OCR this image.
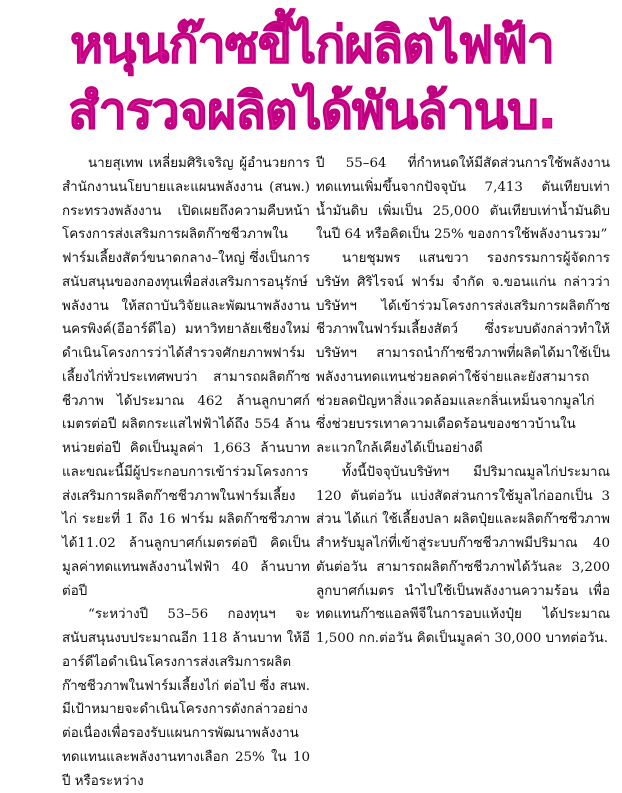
หนุนก๊าซขี้ไก่ผลิตไฟฟ้า
สำรวจผลิตได้พันล้านบ.

นายสุเทพ เหลี่ยมศิริเจริญ ผู้อำนวยการสำนักงานนโยบายและแผนพลังงาน (สนพ.) กระทรวงพลังงาน เปิดเผยถึงความคืบหน้าโครงการส่งเสริมการผลิตก๊าซชีวภาพในฟาร์มเลี้ยงสัตว์ขนาดกลาง–ใหญ่ ซึ่งเป็นการสนับสนุนของกองทุนเพื่อส่งเสริมการอนุรักษ์พลังงาน ให้สถาบันวิจัยและพัฒนาพลังงานนครพิงค์(อีอาร์ดีไอ) มหาวิทยาลัยเชียงใหม่ดำเนินโครงการว่าได้สำรวจศักยภาพฟาร์มเลี้ยงไก่ทั่วประเทศพบว่า สามารถผลิตก๊าซชีวภาพ ได้ประมาณ 462 ล้านลูกบาศก์เมตรต่อปี ผลิตกระแสไฟฟ้าได้ถึง 554 ล้านหน่วยต่อปี คิดเป็นมูลค่า 1,663 ล้านบาท และขณะนี้มีผู้ประกอบการเข้าร่วมโครงการส่งเสริมการผลิตก๊าซชีวภาพในฟาร์มเลี้ยงไก่ ระยะที่ 1 ถึง 16 ฟาร์ม ผลิตก๊าซชีวภาพได้11.02 ล้านลูกบาศก์เมตรต่อปี คิดเป็นมูลค่าทดแทนพลังงานไฟฟ้า 40 ล้านบาทต่อปี

“ระหว่างปี 53–56 กองทุนฯ จะสนับสนุนงบประมาณอีก 118 ล้านบาท ให้อีอาร์ดีไอดำเนินโครงการส่งเสริมการผลิตก๊าซชีวภาพในฟาร์มเลี้ยงไก่ ต่อไป ซึ่ง สนพ. มีเป้าหมายจะดำเนินโครงการดังกล่าวอย่างต่อเนื่องเพื่อรองรับแผนการพัฒนาพลังงานทดแทนและพลังงานทางเลือก 25% ใน 10 ปี หรือระหว่าง

ปี 55–64 ที่กำหนดให้มีสัดส่วนการใช้พลังงานทดแทนเพิ่มขึ้นจากปัจจุบัน 7,413 ตันเทียบเท่าน้ำมันดิบ เพิ่มเป็น 25,000 ตันเทียบเท่าน้ำมันดิบ ในปี 64 หรือคิดเป็น 25% ของการใช้พลังงานรวม”

นายชุมพร แสนขวา รองกรรมการผู้จัดการ บริษัท ศิริไรจน์ ฟาร์ม จำกัด จ.ขอนแก่น กล่าวว่า บริษัทฯ ได้เข้าร่วมโครงการส่งเสริมการผลิตก๊าซชีวภาพในฟาร์มเลี้ยงสัตว์ ซึ่งระบบดังกล่าวทำให้บริษัทฯ สามารถนำก๊าซชีวภาพที่ผลิตได้มาใช้เป็นพลังงานทดแทนช่วยลดค่าใช้จ่ายและยังสามารถช่วยลดปัญหาสิ่งแวดล้อมและกลิ่นเหม็นจากมูลไก่ซึ่งช่วยบรรเทาความเดือดร้อนของชาวบ้านในละแวกใกล้เคียงได้เป็นอย่างดี

ทั้งนี้ปัจจุบันบริษัทฯ มีปริมาณมูลไก่ประมาณ 120 ตันต่อวัน แบ่งสัดส่วนการใช้มูลไก่ออกเป็น 3 ส่วน ได้แก่ ใช้เลี้ยงปลา ผลิตปุ๋ยและผลิตก๊าซชีวภาพ สำหรับมูลไก่ที่เข้าสู่ระบบก๊าซชีวภาพมีปริมาณ 40 ตันต่อวัน สามารถผลิตก๊าซชีวภาพได้วันละ 3,200 ลูกบาศก์เมตร นำไปใช้เป็นพลังงานความร้อน เพื่อทดแทนก๊าซแอลพีจีในการอบแห้งปุ๋ย ได้ประมาณ 1,500 กก.ต่อวัน คิดเป็นมูลค่า 30,000 บาทต่อวัน.
